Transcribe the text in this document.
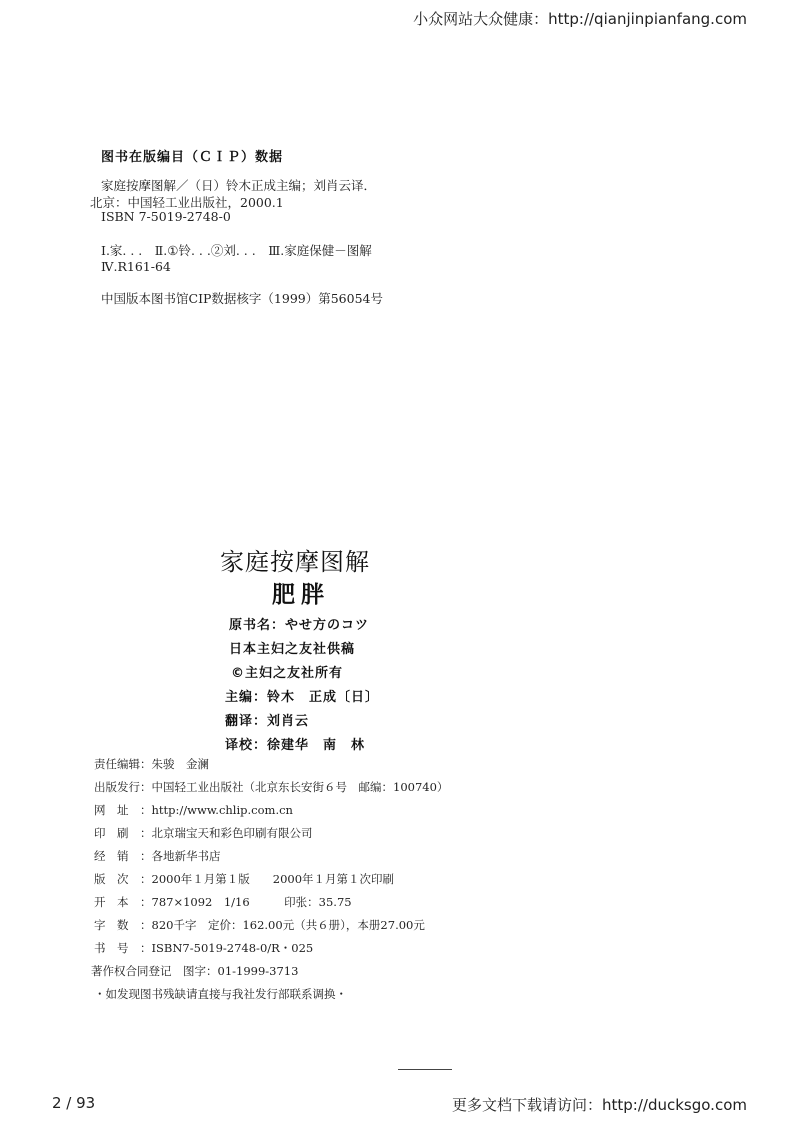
小众网站大众健康：http://qianjinpianfang.com
图书在版编目（ＣＩＰ）数据
家庭按摩图解／（日）铃木正成主编；刘肖云译．
北京：中国轻工业出版社，2000.1
ISBN 7-5019-2748-0
Ⅰ.家. . .　Ⅱ.①铃. . .②刘. . .　Ⅲ.家庭保健－图解
Ⅳ.R161-64
中国版本图书馆CIP数据核字（1999）第56054号
家庭按摩图解
肥胖
原书名：やせ方のコツ
日本主妇之友社供稿
©主妇之友社所有
主编：铃木　正成〔日〕
翻译：刘肖云
译校：徐建华　南　林
责任编辑：朱骏　金澜
出版发行：中国轻工业出版社（北京东长安街６号　邮编：100740）
网　址 ：http://www.chlip.com.cn
印　刷 ：北京瑞宝天和彩色印刷有限公司
经　销 ：各地新华书店
版　次 ：2000年１月第１版　　2000年１月第１次印刷
开　本 ：787×1092　1/16　　　印张：35.75
字　数 ：820千字　定价：162.00元（共６册），本册27.00元
书　号 ：ISBN7-5019-2748-0/R・025
著作权合同登记　图字：01-1999-3713
・如发现图书残缺请直接与我社发行部联系调换・
2 / 93	更多文档下载请访问：http://ducksgo.com
